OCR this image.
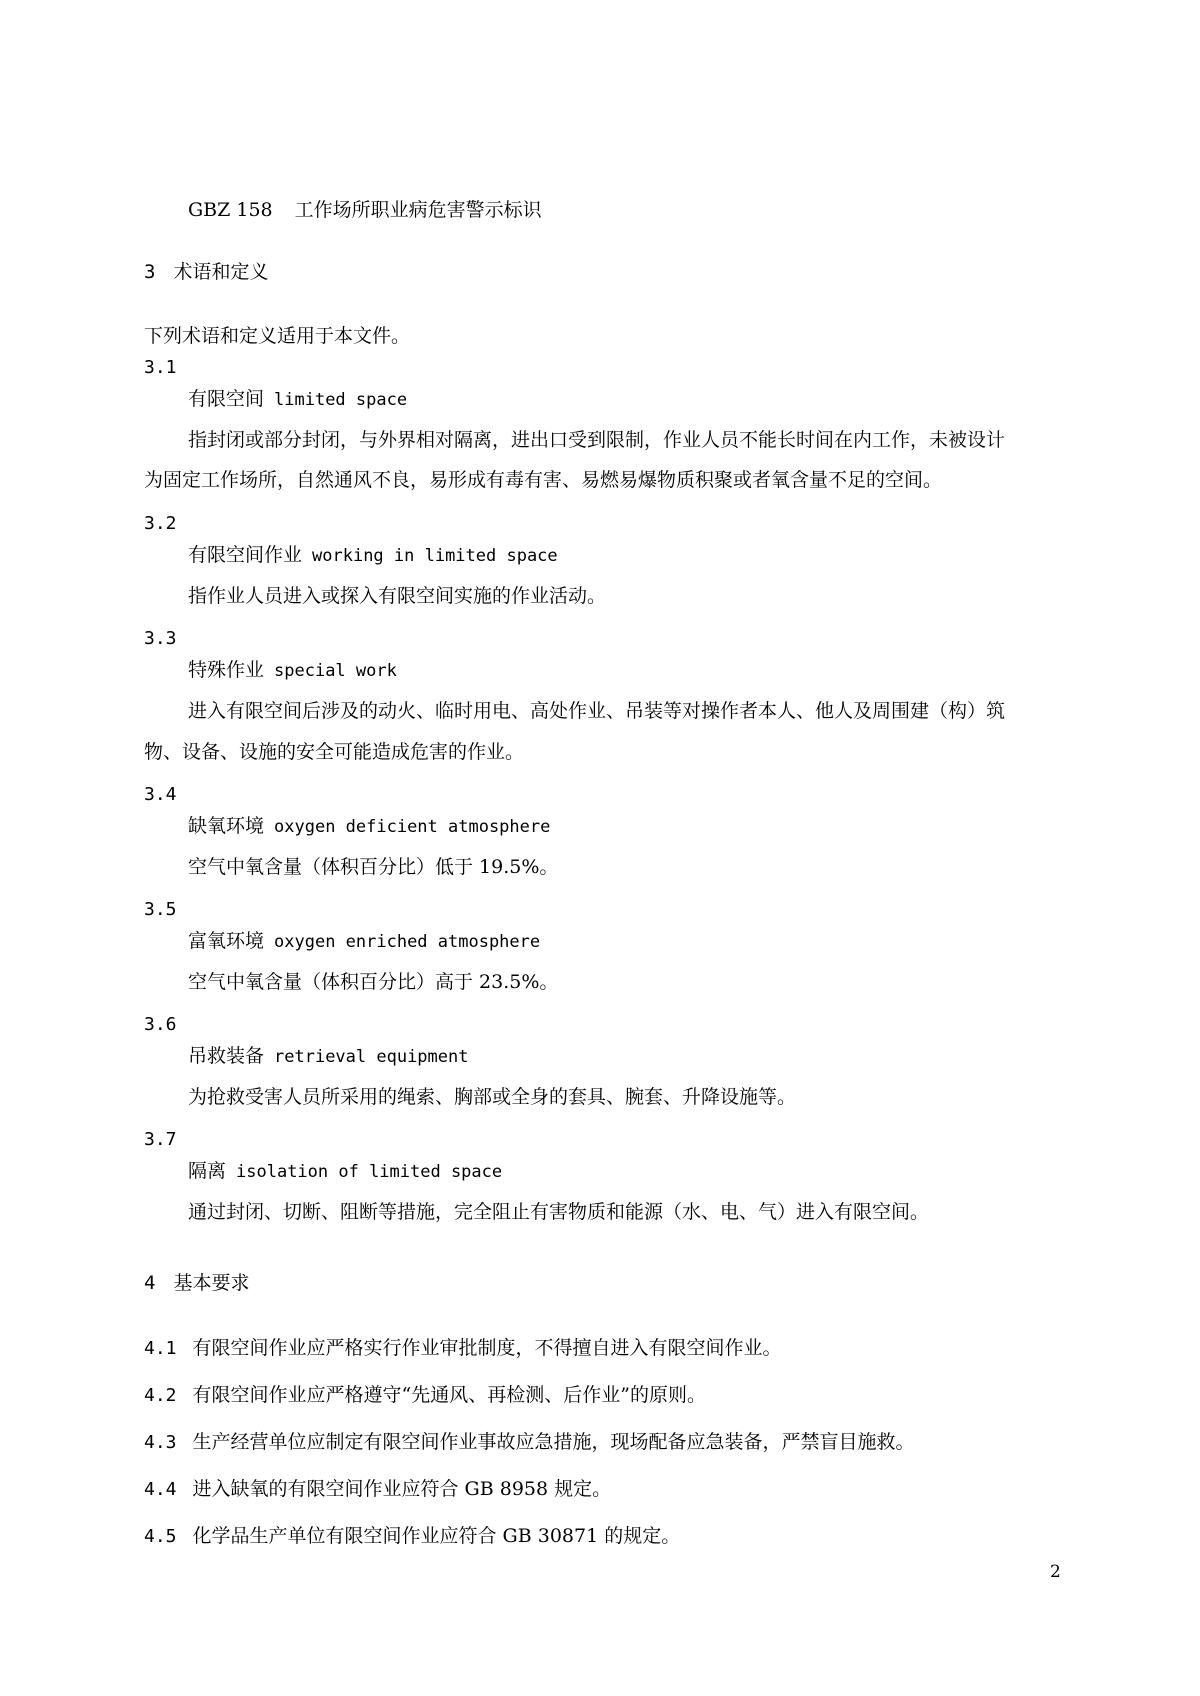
GBZ 158 工作场所职业病危害警示标识
3 术语和定义
下列术语和定义适用于本文件。
3.1
有限空间 limited space
指封闭或部分封闭，与外界相对隔离，进出口受到限制，作业人员不能长时间在内工作，未被设计
为固定工作场所，自然通风不良，易形成有毒有害、易燃易爆物质积聚或者氧含量不足的空间。
3.2
有限空间作业 working in limited space
指作业人员进入或探入有限空间实施的作业活动。
3.3
特殊作业 special work
进入有限空间后涉及的动火、临时用电、高处作业、吊装等对操作者本人、他人及周围建（构）筑
物、设备、设施的安全可能造成危害的作业。
3.4
缺氧环境 oxygen deficient atmosphere
空气中氧含量（体积百分比）低于 19.5%。
3.5
富氧环境 oxygen enriched atmosphere
空气中氧含量（体积百分比）高于 23.5%。
3.6
吊救装备 retrieval equipment
为抢救受害人员所采用的绳索、胸部或全身的套具、腕套、升降设施等。
3.7
隔离 isolation of limited space
通过封闭、切断、阻断等措施，完全阻止有害物质和能源（水、电、气）进入有限空间。
4 基本要求
4.1 有限空间作业应严格实行作业审批制度，不得擅自进入有限空间作业。
4.2 有限空间作业应严格遵守“先通风、再检测、后作业”的原则。
4.3 生产经营单位应制定有限空间作业事故应急措施，现场配备应急装备，严禁盲目施救。
4.4 进入缺氧的有限空间作业应符合 GB 8958 规定。
4.5 化学品生产单位有限空间作业应符合 GB 30871 的规定。
2
